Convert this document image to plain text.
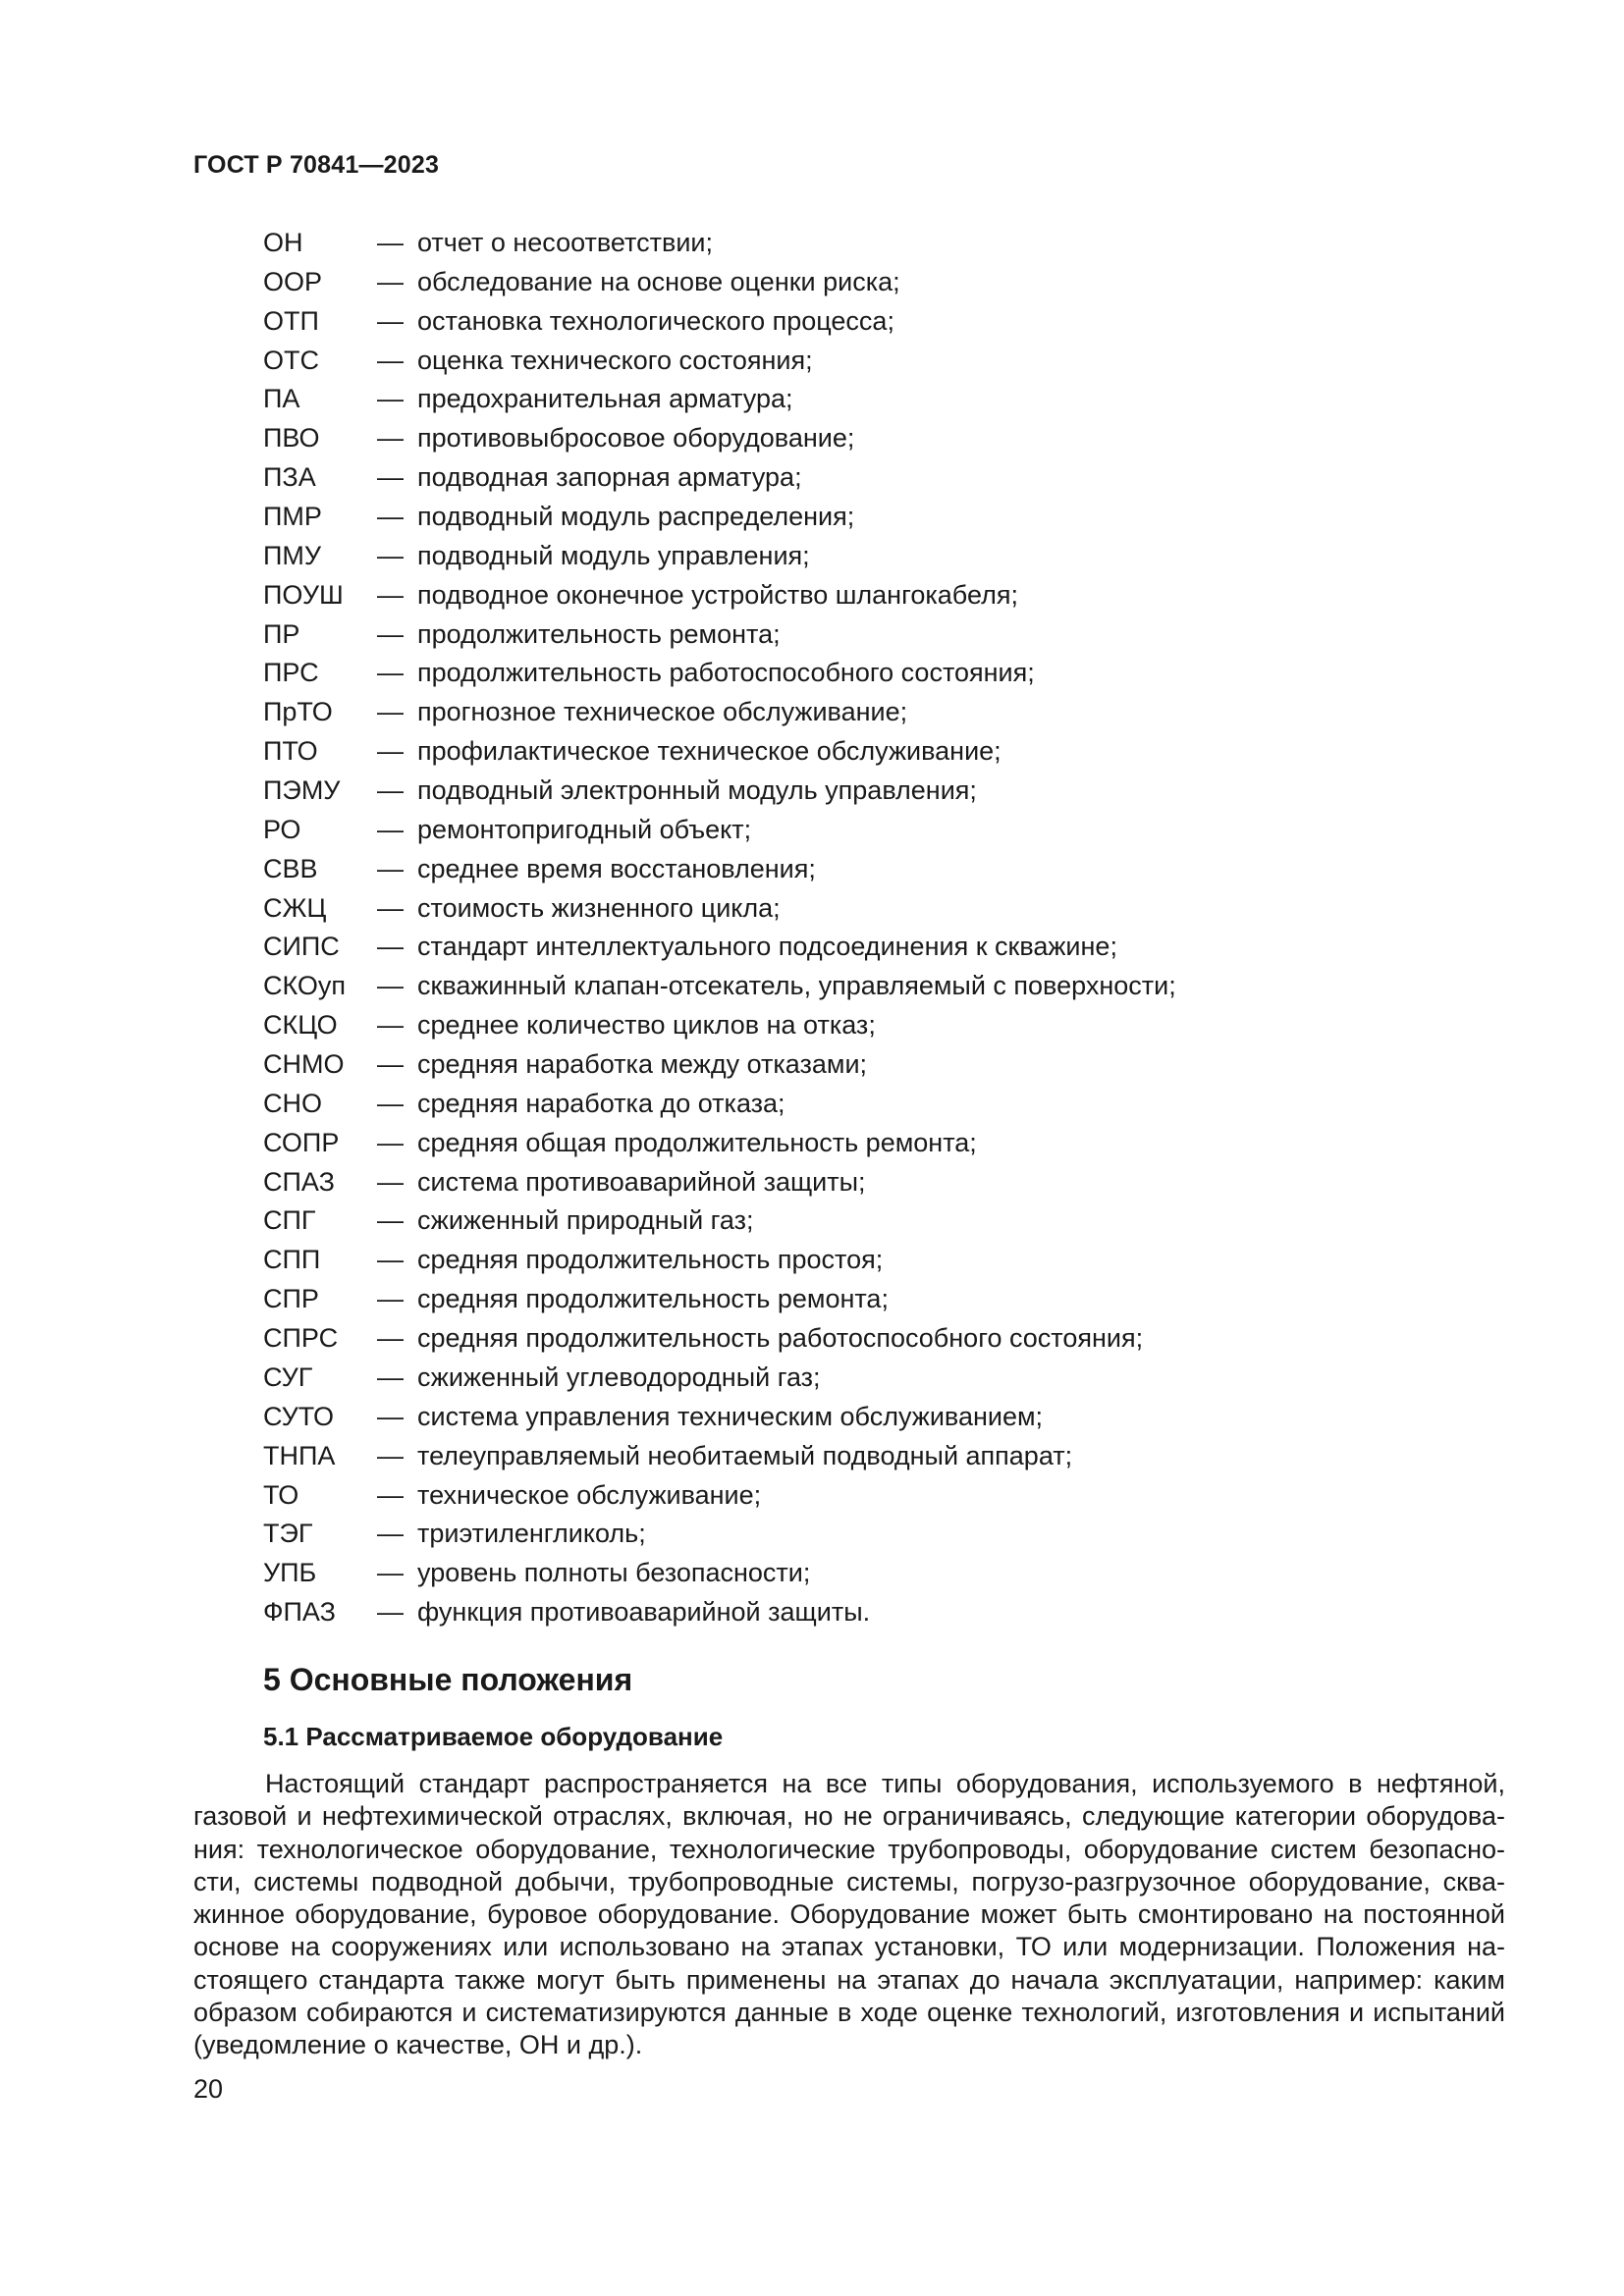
ГОСТ Р 70841—2023
ОН	— отчет о несоответствии;
ООР	— обследование на основе оценки риска;
ОТП	— остановка технологического процесса;
ОТС	— оценка технического состояния;
ПА	— предохранительная арматура;
ПВО	— противовыбросовое оборудование;
ПЗА	— подводная запорная арматура;
ПМР	— подводный модуль распределения;
ПМУ	— подводный модуль управления;
ПОУШ	— подводное оконечное устройство шлангокабеля;
ПР	— продолжительность ремонта;
ПРС	— продолжительность работоспособного состояния;
ПрТО	— прогнозное техническое обслуживание;
ПТО	— профилактическое техническое обслуживание;
ПЭМУ	— подводный электронный модуль управления;
РО	— ремонтопригодный объект;
СВВ	— среднее время восстановления;
СЖЦ	— стоимость жизненного цикла;
СИПС	— стандарт интеллектуального подсоединения к скважине;
СКОуп	— скважинный клапан-отсекатель, управляемый с поверхности;
СКЦО	— среднее количество циклов на отказ;
СНМО	— средняя наработка между отказами;
СНО	— средняя наработка до отказа;
СОПР	— средняя общая продолжительность ремонта;
СПАЗ	— система противоаварийной защиты;
СПГ	— сжиженный природный газ;
СПП	— средняя продолжительность простоя;
СПР	— средняя продолжительность ремонта;
СПРС	— средняя продолжительность работоспособного состояния;
СУГ	— сжиженный углеводородный газ;
СУТО	— система управления техническим обслуживанием;
ТНПА	— телеуправляемый необитаемый подводный аппарат;
ТО	— техническое обслуживание;
ТЭГ	— триэтиленгликоль;
УПБ	— уровень полноты безопасности;
ФПАЗ	— функция противоаварийной защиты.
5 Основные положения
5.1 Рассматриваемое оборудование

Настоящий стандарт распространяется на все типы оборудования, используемого в нефтяной, газовой и нефтехимической отраслях, включая, но не ограничиваясь, следующие категории оборудования: технологическое оборудование, технологические трубопроводы, оборудование систем безопасности, системы подводной добычи, трубопроводные системы, погрузо-разгрузочное оборудование, скважинное оборудование, буровое оборудование. Оборудование может быть смонтировано на постоянной основе на сооружениях или использовано на этапах установки, ТО или модернизации. Положения настоящего стандарта также могут быть применены на этапах до начала эксплуатации, например: каким образом собираются и систематизируются данные в ходе оценке технологий, изготовления и испытаний (уведомление о качестве, ОН и др.).

20
